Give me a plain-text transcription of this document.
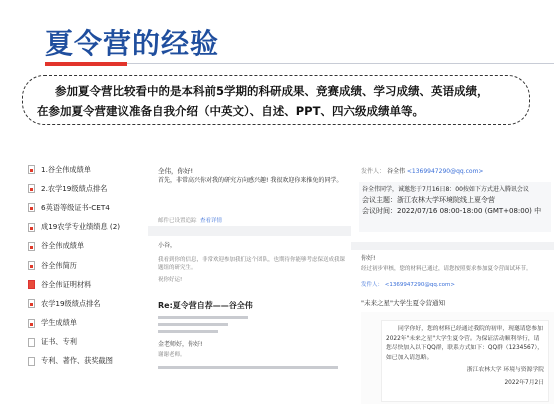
夏令营的经验

参加夏令营比较看中的是本科前5学期的科研成果、竞赛成绩、学习成绩、英语成绩，

在参加夏令营建议准备自我介绍（中英文）、自述、PPT、四六级成绩单等。

1.谷全伟成绩单
2.农学19级绩点排名
6英语等级证书-CET4
成19农学专业绩绩息 (2)
谷全伟成绩单
谷全伟简历
谷全伟证明材料
农学19级绩点排名
学生成绩单
证书、专利
专利、著作、获奖截图
全伟，你好!
首先，非常高兴你对我的研究方向感兴趣! 我很欢迎你来推免的同学。
邮件已设置追踪 查看详情
小谷，
我看到你的信息，非常欢迎参加我们这个团队，也期待你能够考虑保送成我课题组的研究生。
祝你好运!
Re:夏令营自荐——谷全伟
金老师好，你好!
谢谢老师。
发件人： 谷全伟 <1369947290@qq.com>
谷全伟同学，诚邀您于7月16日8：00按如下方式进入腾讯会议
会议主题：浙江农林大学环境院线上夏令营
会议时间：2022/07/16 08:00-18:00 (GMT+08:00) 中
你好!
经过初步审核，您的材料已通过，请您按照要求参加夏令营面试环节。
发件人： <1369947290@qq.com>
"未来之星"大学生夏令营通知
同学你好，您的材料已经通过我院的初审，现邀请您参加2022年"未来之星"大学生夏令营。为保证活动顺利举行，请您尽快加入以下QQ群，联系方式如下：QQ群（1234567），如已加入请忽略。
浙江农林大学 环境与资源学院
2022年7月2日
